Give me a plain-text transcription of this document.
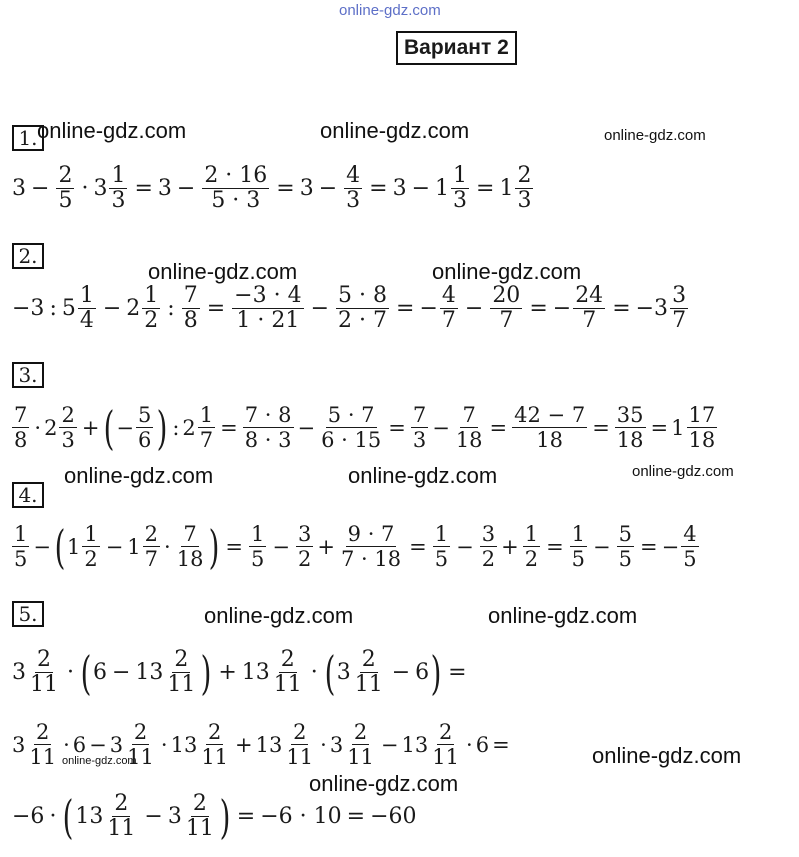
online-gdz.com
Вариант 2
1.
2.
3.
4.
5.
online-gdz.com	online-gdz.com	online-gdz.com
online-gdz.com	online-gdz.com
online-gdz.com	online-gdz.com	online-gdz.com
online-gdz.com	online-gdz.com
online-gdz.com
online-gdz.com
online-gdz.com
$3 - \frac{2}{5} \cdot 3 \frac{1}{3} = 3 - \frac{2 \cdot 16}{5 \cdot 3} = 3 - \frac{4}{3} = 3 - 1 \frac{1}{3} = 1 \frac{2}{3}$
−3 : $5 \frac{1}{4} - 2 \frac{1}{2}$ : $\frac{7}{8} = \frac{-3 \cdot 4}{1 \cdot 21} - \frac{5 \cdot 8}{2 \cdot 7}$ = − $\frac{4}{7} - \frac{20}{7}$ = − $\frac{24}{7} = -3 \frac{3}{7}$
$\frac{7}{8} \cdot 2 \frac{2}{3}$ + ( − $\frac{5}{6}$ ) : $2 \frac{1}{7} = \frac{7 \cdot 8}{8 \cdot 3} - \frac{5 \cdot 7}{6 \cdot 15} = \frac{7}{3} - \frac{7}{18} = \frac{42 - 7}{18} = \frac{35}{18} = 1 \frac{17}{18}$
$\frac{1}{5}$ − ( $1 \frac{1}{2} - 1 \frac{2}{7} \cdot \frac{7}{18}$ ) = $\frac{1}{5} - \frac{3}{2} + \frac{9 \cdot 7}{7 \cdot 18} = \frac{1}{5} - \frac{3}{2} + \frac{1}{2} = \frac{1}{5} - \frac{5}{5}$ = − $\frac{4}{5}$
$3 \frac{2}{11}$ · ( $6 - 13 \frac{2}{11}$ ) + $13 \frac{2}{11}$ · ( $3 \frac{2}{11} - 6$ ) =
$3 \frac{2}{11} \cdot 6 - 3 \frac{2}{11} \cdot 13 \frac{2}{11} + 13 \frac{2}{11} \cdot 3 \frac{2}{11} - 13 \frac{2}{11} \cdot 6$ =
−6 · ( $13 \frac{2}{11} - 3 \frac{2}{11}$ ) = −6 · 10 = −60
